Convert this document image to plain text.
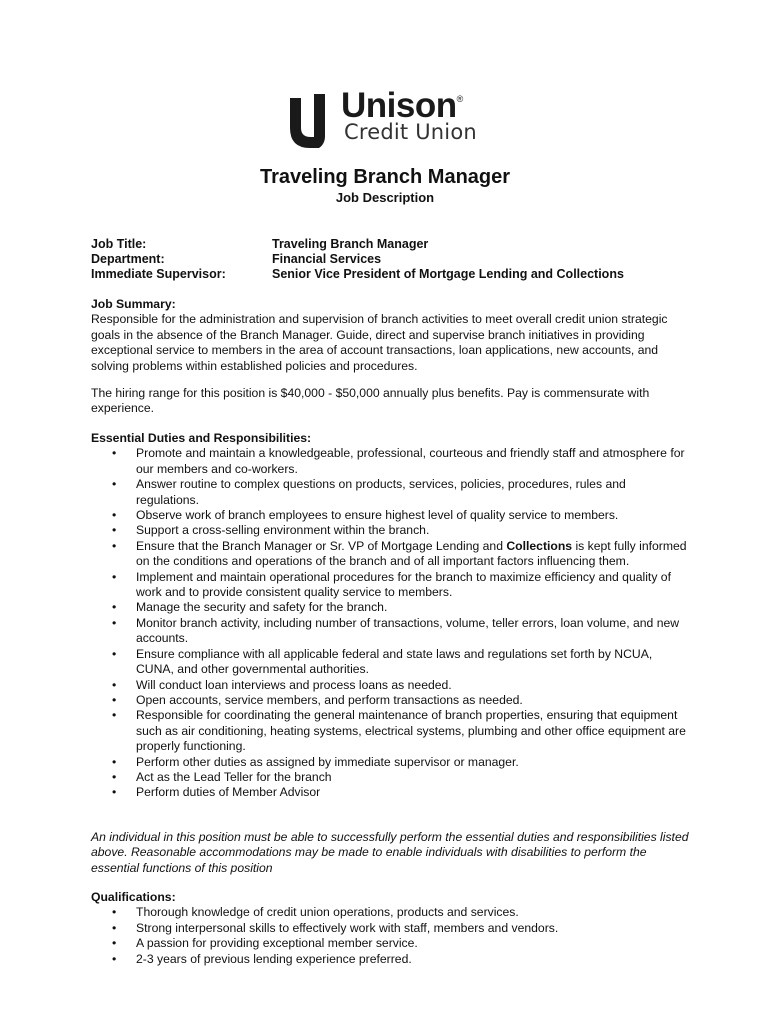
Unison®
Credit Union
Traveling Branch Manager
Job Description
Job Title:	Traveling Branch Manager
Department:	Financial Services
Immediate Supervisor:	Senior Vice President of Mortgage Lending and Collections

Job Summary:

Responsible for the administration and supervision of branch activities to meet overall credit union strategic goals in the absence of the Branch Manager. Guide, direct and supervise branch initiatives in providing exceptional service to members in the area of account transactions, loan applications, new accounts, and solving problems within established policies and procedures.

The hiring range for this position is $40,000 - $50,000 annually plus benefits. Pay is commensurate with experience.

Essential Duties and Responsibilities:

• Promote and maintain a knowledgeable, professional, courteous and friendly staff and atmosphere for our members and co-workers.
• Answer routine to complex questions on products, services, policies, procedures, rules and regulations.
• Observe work of branch employees to ensure highest level of quality service to members.
• Support a cross-selling environment within the branch.
• Ensure that the Branch Manager or Sr. VP of Mortgage Lending and Collections is kept fully informed on the conditions and operations of the branch and of all important factors influencing them.
• Implement and maintain operational procedures for the branch to maximize efficiency and quality of work and to provide consistent quality service to members.
• Manage the security and safety for the branch.
• Monitor branch activity, including number of transactions, volume, teller errors, loan volume, and new accounts.
• Ensure compliance with all applicable federal and state laws and regulations set forth by NCUA, CUNA, and other governmental authorities.
• Will conduct loan interviews and process loans as needed.
• Open accounts, service members, and perform transactions as needed.
• Responsible for coordinating the general maintenance of branch properties, ensuring that equipment such as air conditioning, heating systems, electrical systems, plumbing and other office equipment are properly functioning.
• Perform other duties as assigned by immediate supervisor or manager.
• Act as the Lead Teller for the branch
• Perform duties of Member Advisor
An individual in this position must be able to successfully perform the essential duties and responsibilities listed above. Reasonable accommodations may be made to enable individuals with disabilities to perform the essential functions of this position

Qualifications:

• Thorough knowledge of credit union operations, products and services.
• Strong interpersonal skills to effectively work with staff, members and vendors.
• A passion for providing exceptional member service.
• 2-3 years of previous lending experience preferred.
